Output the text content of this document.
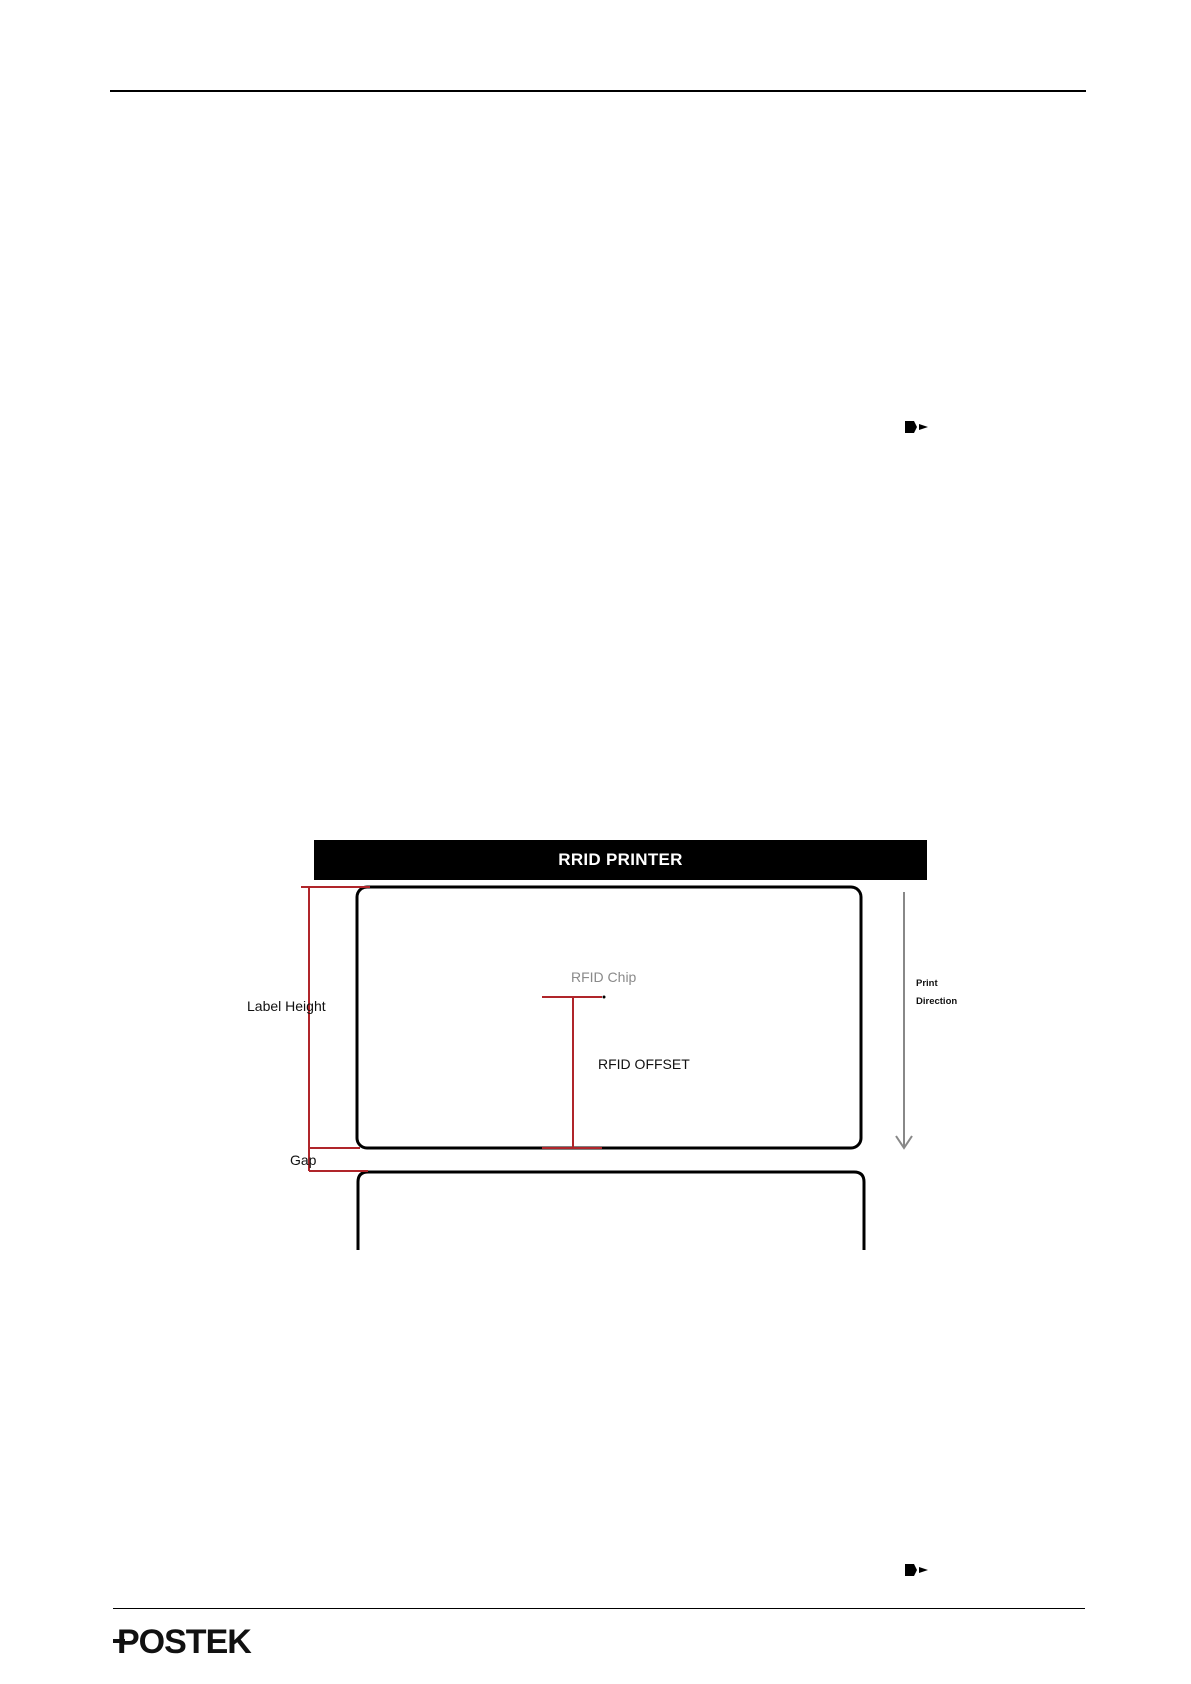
RRID PRINTER
RFID Chip
Label Height
RFID OFFSET
Gap
Print
Direction
POSTEK
